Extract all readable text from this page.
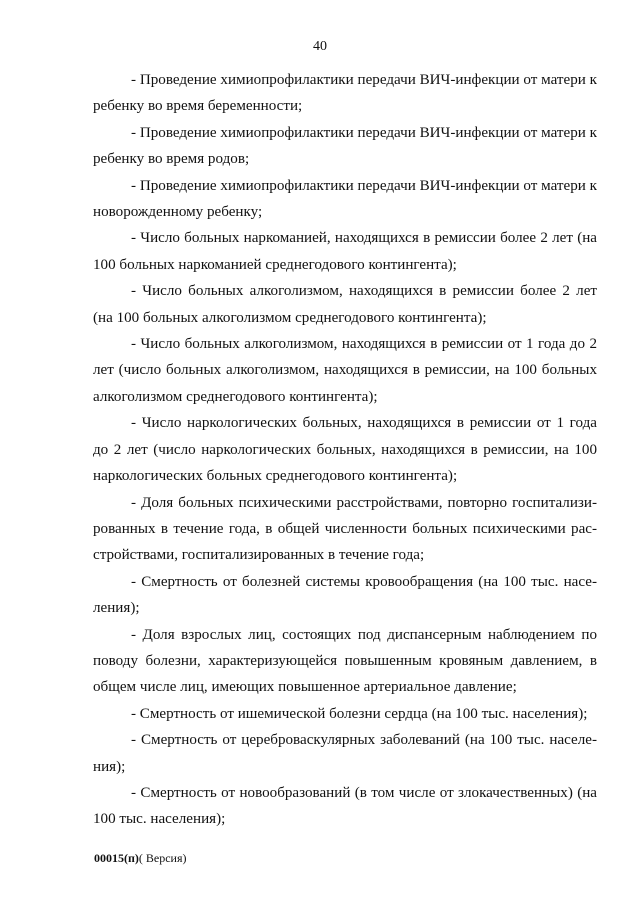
40

- Проведение химиопрофилактики передачи ВИЧ-инфекции от матери к ребенку во время беременности;

- Проведение химиопрофилактики передачи ВИЧ-инфекции от матери к ребенку во время родов;

- Проведение химиопрофилактики передачи ВИЧ-инфекции от матери к новорожденному ребенку;

- Число больных наркоманией, находящихся в ремиссии более 2 лет (на 100 больных наркоманией среднегодового контингента);

- Число больных алкоголизмом, находящихся в ремиссии более 2 лет (на 100 больных алкоголизмом среднегодового контингента);

- Число больных алкоголизмом, находящихся в ремиссии от 1 года до 2 лет (число больных алкоголизмом, находящихся в ремиссии, на 100 больных алкоголизмом среднегодового контингента);

- Число наркологических больных, находящихся в ремиссии от 1 года до 2 лет (число наркологических больных, находящихся в ремиссии, на 100 наркологических больных среднегодового контингента);

- Доля больных психическими расстройствами, повторно госпитализированных в течение года, в общей численности больных психическими расстройствами, госпитализированных в течение года;

- Смертность от болезней системы кровообращения (на 100 тыс. населения);

- Доля взрослых лиц, состоящих под диспансерным наблюдением по поводу болезни, характеризующейся повышенным кровяным давлением, в общем числе лиц, имеющих повышенное артериальное давление;

- Смертность от ишемической болезни сердца (на 100 тыс. населения);

- Смертность от цереброваскулярных заболеваний (на 100 тыс. населения);

- Смертность от новообразований (в том числе от злокачественных) (на 100 тыс. населения);

00015(п)( Версия)
